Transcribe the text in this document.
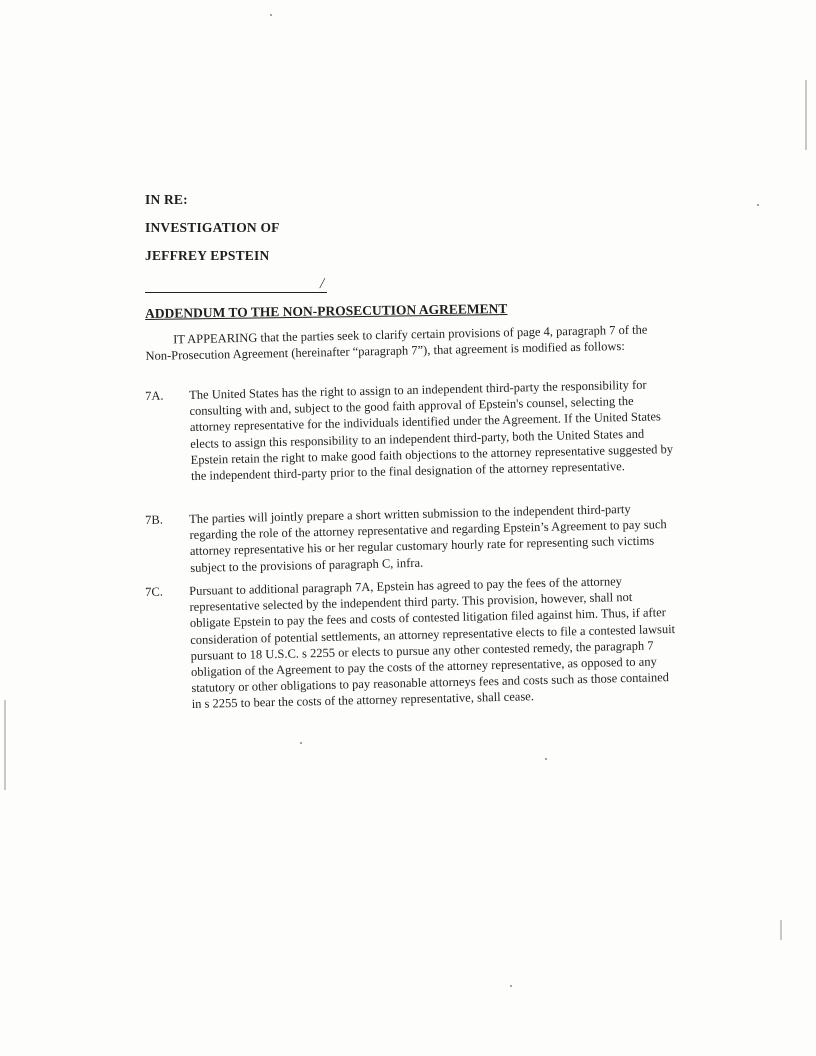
IN RE:
INVESTIGATION OF
JEFFREY EPSTEIN
/
ADDENDUM TO THE NON-PROSECUTION AGREEMENT
IT APPEARING that the parties seek to clarify certain provisions of page 4, paragraph 7 of the Non-Prosecution Agreement (hereinafter “paragraph 7”), that agreement is modified as follows:
7A.	The United States has the right to assign to an independent third-party the responsibility for consulting with and, subject to the good faith approval of Epstein's counsel, selecting the attorney representative for the individuals identified under the Agreement. If the United States elects to assign this responsibility to an independent third-party, both the United States and Epstein retain the right to make good faith objections to the attorney representative suggested by the independent third-party prior to the final designation of the attorney representative.
7B.	The parties will jointly prepare a short written submission to the independent third-party regarding the role of the attorney representative and regarding Epstein’s Agreement to pay such attorney representative his or her regular customary hourly rate for representing such victims subject to the provisions of paragraph C, infra.
7C.	Pursuant to additional paragraph 7A, Epstein has agreed to pay the fees of the attorney representative selected by the independent third party. This provision, however, shall not obligate Epstein to pay the fees and costs of contested litigation filed against him. Thus, if after consideration of potential settlements, an attorney representative elects to file a contested lawsuit pursuant to 18 U.S.C. s 2255 or elects to pursue any other contested remedy, the paragraph 7 obligation of the Agreement to pay the costs of the attorney representative, as opposed to any statutory or other obligations to pay reasonable attorneys fees and costs such as those contained in s 2255 to bear the costs of the attorney representative, shall cease.
